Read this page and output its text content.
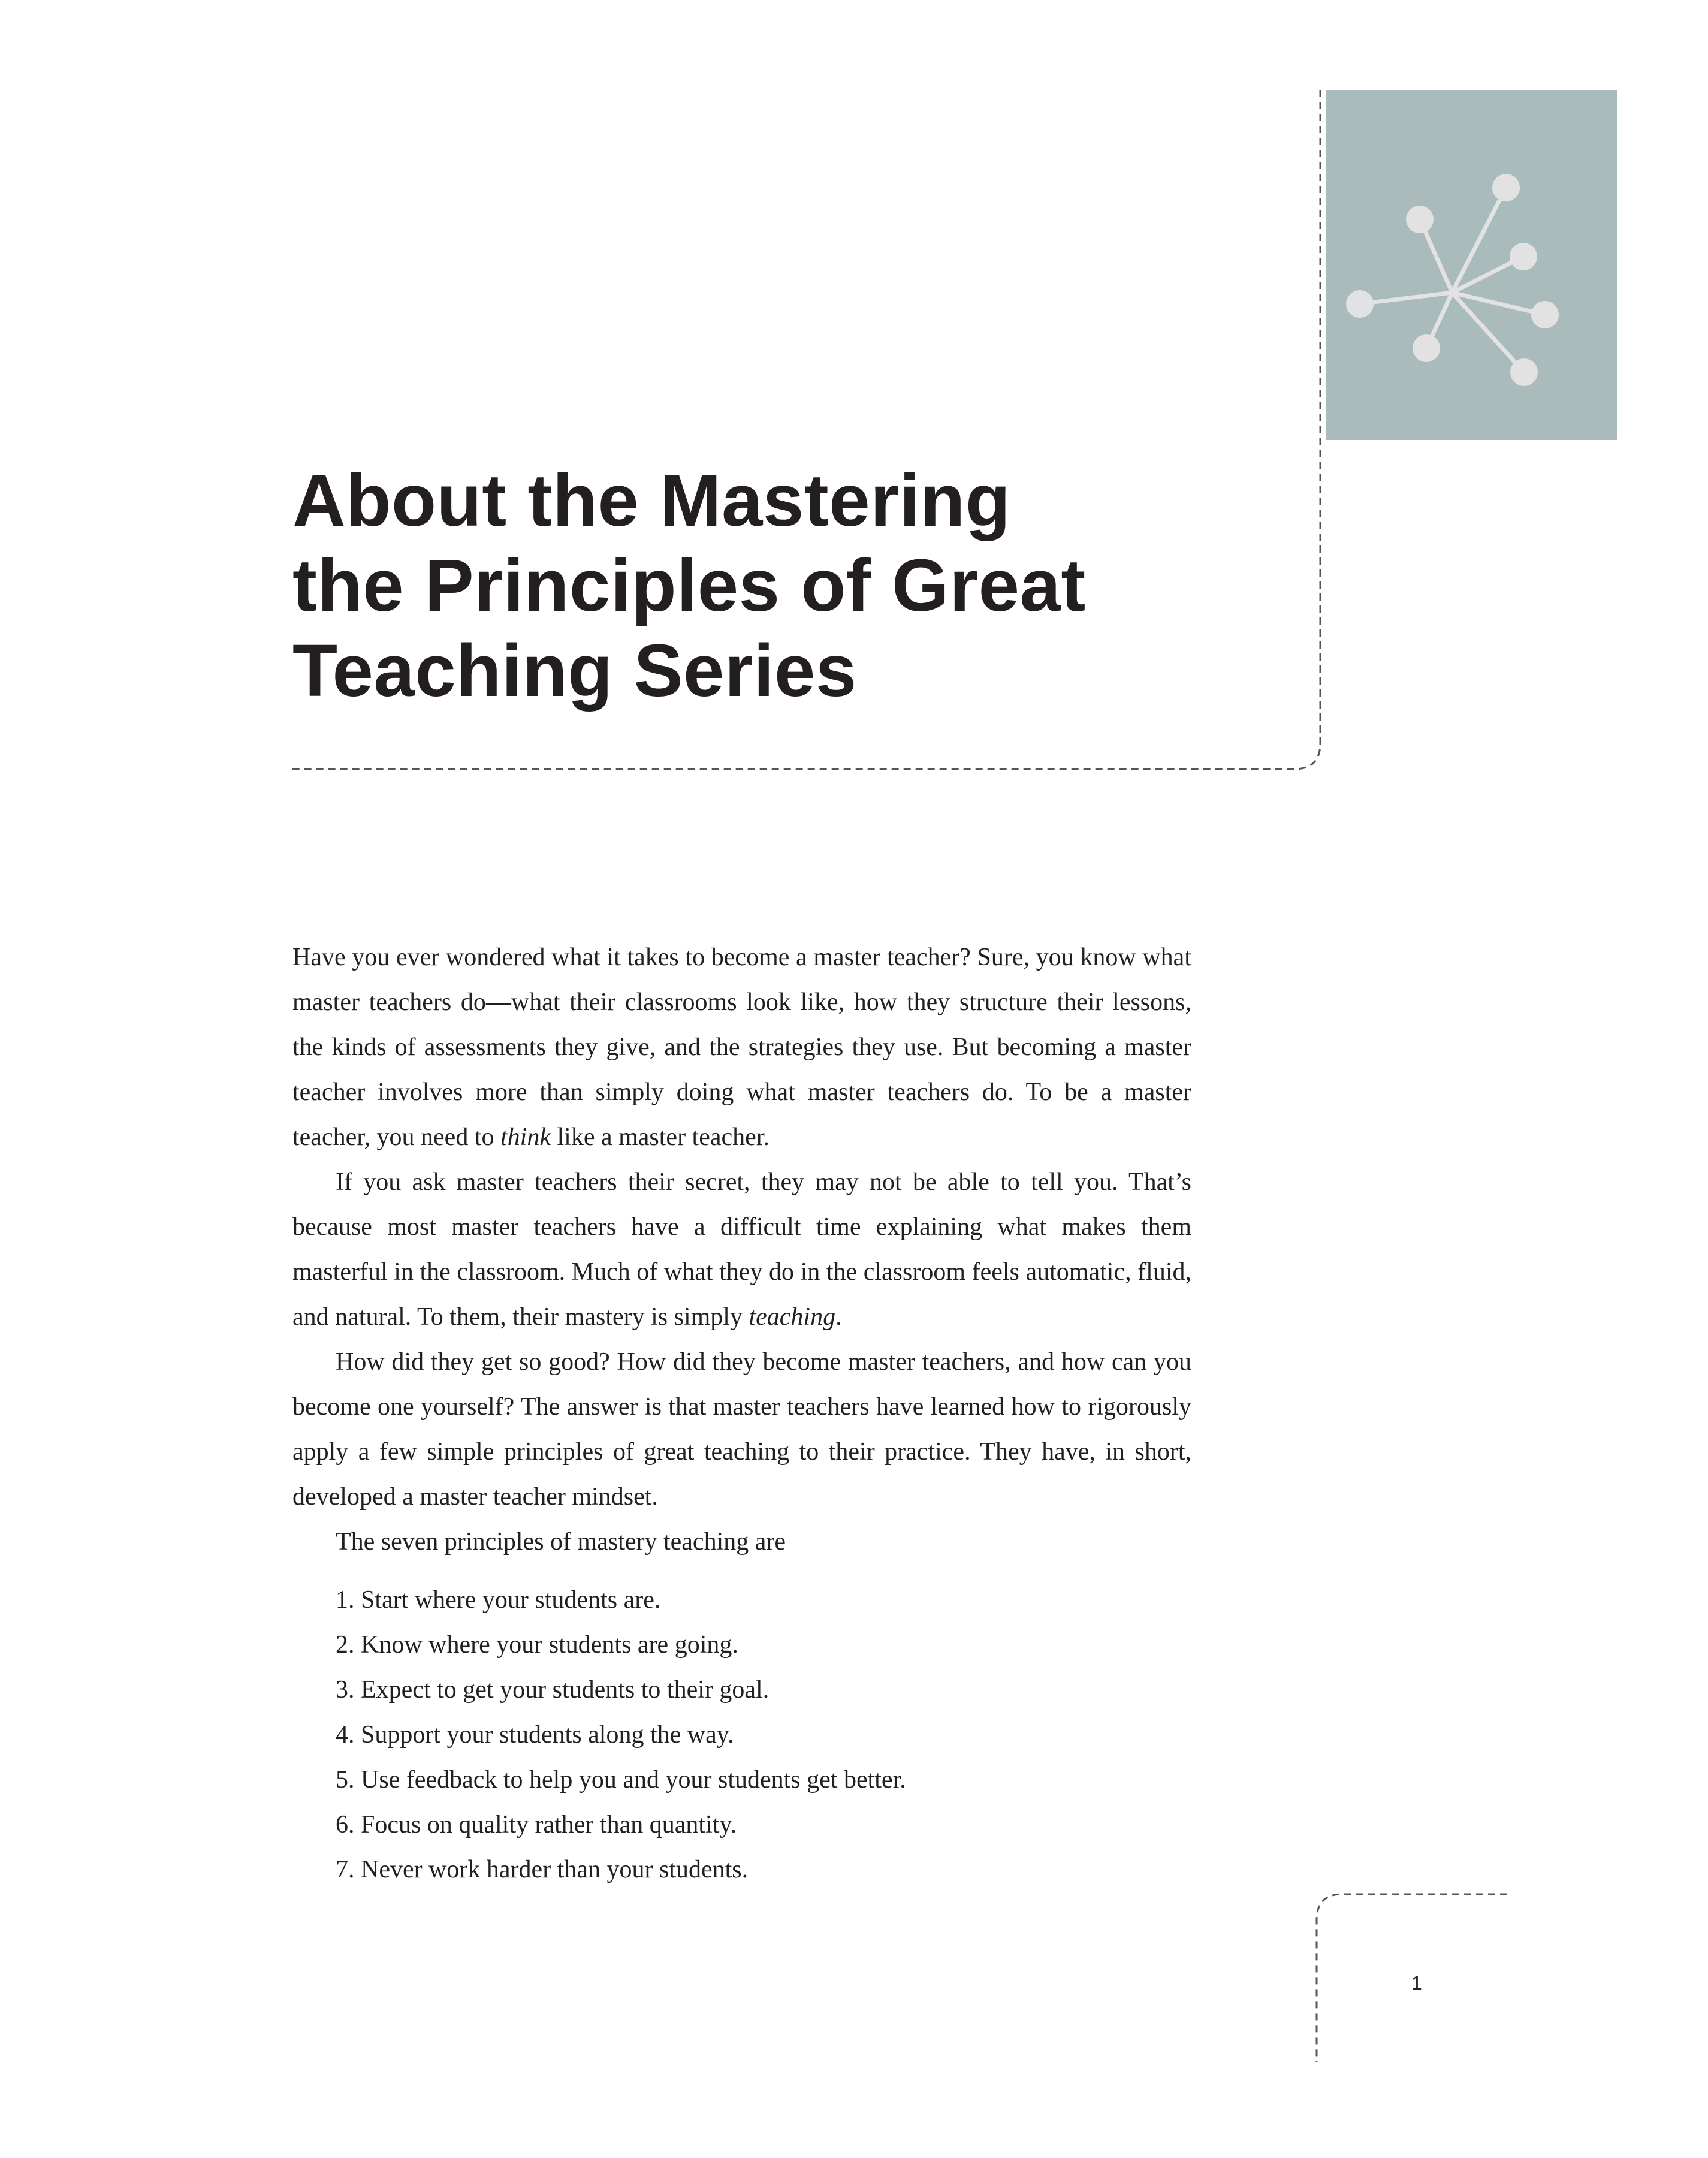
About the Mastering
the Principles of Great
Teaching Series

Have you ever wondered what it takes to become a master teacher? Sure, you know what master teachers do—what their classrooms look like, how they structure their lessons, the kinds of assessments they give, and the strategies they use. But becoming a master teacher involves more than simply doing what master teachers do. To be a master teacher, you need to think like a master teacher.

If you ask master teachers their secret, they may not be able to tell you. That’s because most master teachers have a difficult time explaining what makes them masterful in the classroom. Much of what they do in the classroom feels automatic, fluid, and natural. To them, their mastery is simply teaching.

How did they get so good? How did they become master teachers, and how can you become one yourself? The answer is that master teachers have learned how to rigorously apply a few simple principles of great teaching to their practice. They have, in short, developed a master teacher mindset.

The seven principles of mastery teaching are

1. Start where your students are.
2. Know where your students are going.
3. Expect to get your students to their goal.
4. Support your students along the way.
5. Use feedback to help you and your students get better.
6. Focus on quality rather than quantity.
7. Never work harder than your students.
1
